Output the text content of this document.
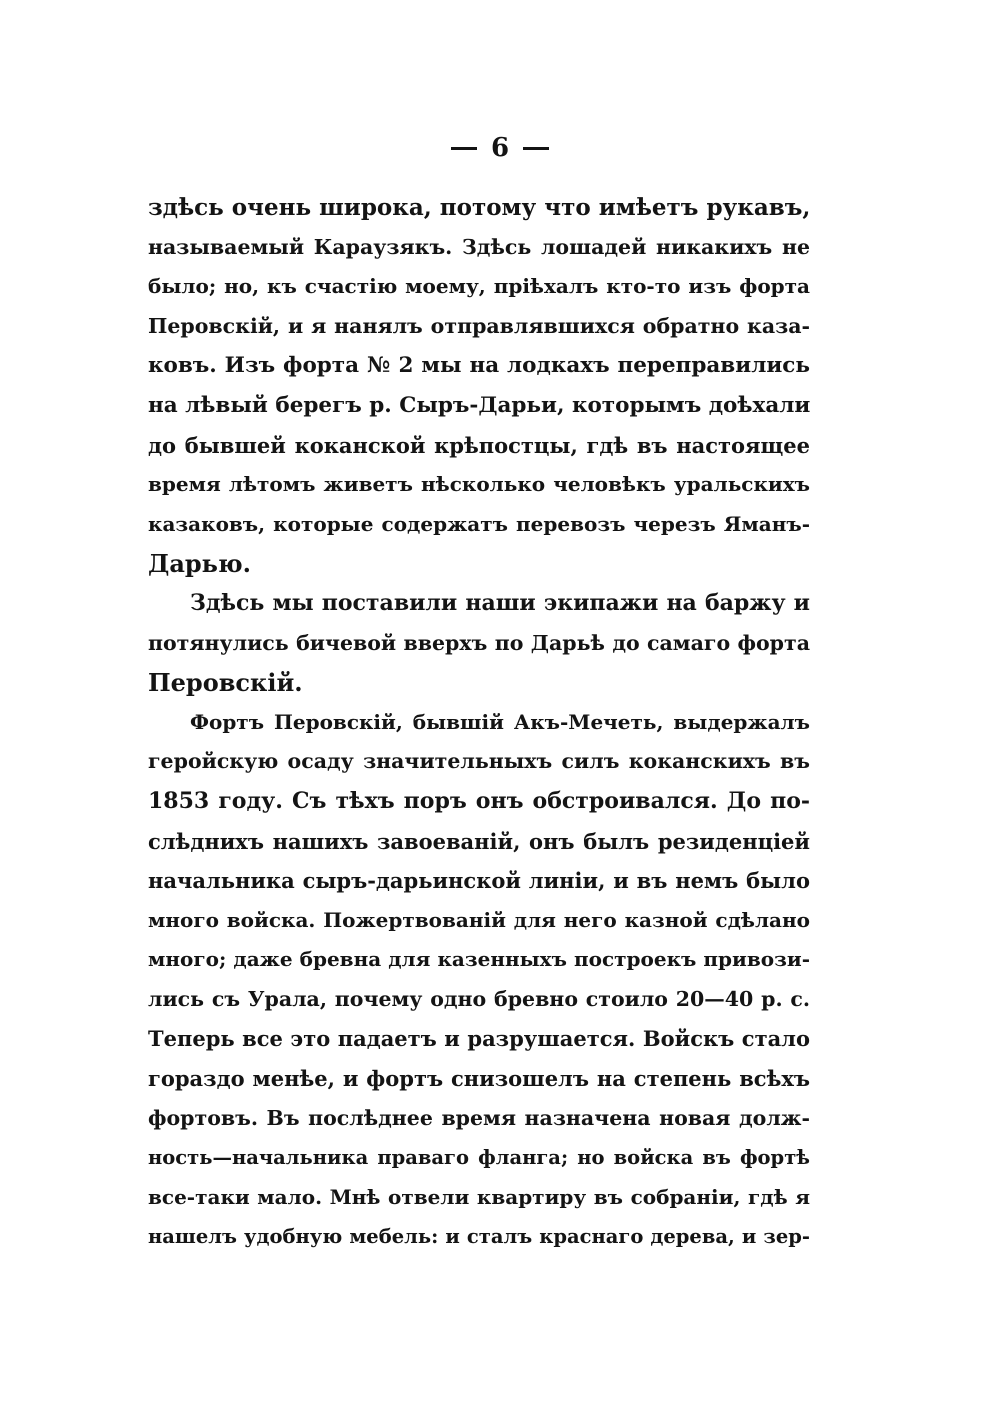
6
здѣсь очень широка, потому что имѣетъ рукавъ,
называемый Караузякъ. Здѣсь лошадей никакихъ не
было; но, къ счастію моему, пріѣхалъ кто-то изъ форта
Перовскій, и я нанялъ отправлявшихся обратно каза-
ковъ. Изъ форта № 2 мы на лодкахъ переправились
на лѣвый берегъ р. Сыръ-Дарьи, которымъ доѣхали
до бывшей коканской крѣпостцы, гдѣ въ настоящее
время лѣтомъ живетъ нѣсколько человѣкъ уральскихъ
казаковъ, которые содержатъ перевозъ черезъ Яманъ-
Дарью.
Здѣсь мы поставили наши экипажи на баржу и
потянулись бичевой вверхъ по Дарьѣ до самаго форта
Перовскій.
Фортъ Перовскій, бывшій Акъ-Мечеть, выдержалъ
геройскую осаду значительныхъ силъ коканскихъ въ
1853 году. Съ тѣхъ поръ онъ обстроивался. До по-
слѣднихъ нашихъ завоеваній, онъ былъ резиденціей
начальника сыръ-дарьинской линіи, и въ немъ было
много войска. Пожертвованій для него казной сдѣлано
много; даже бревна для казенныхъ построекъ привози-
лись съ Урала, почему одно бревно стоило 20—40 р. с.
Теперь все это падаетъ и разрушается. Войскъ стало
гораздо менѣе, и фортъ снизошелъ на степень всѣхъ
фортовъ. Въ послѣднее время назначена новая долж-
ность—начальника праваго фланга; но войска въ фортѣ
все-таки мало. Мнѣ отвели квартиру въ собраніи, гдѣ я
нашелъ удобную мебель: и сталъ краснаго дерева, и зер-
